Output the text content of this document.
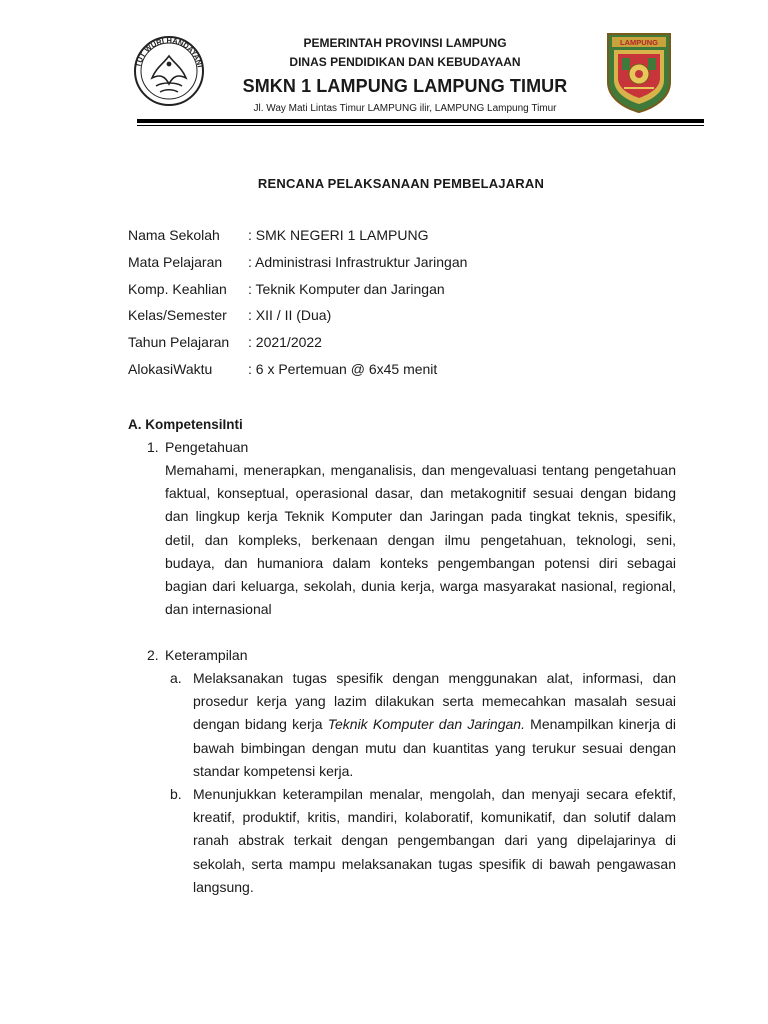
TUT WURI HANDAYANI
PEMERINTAH PROVINSI LAMPUNG
DINAS PENDIDIKAN DAN KEBUDAYAAN
SMKN 1 LAMPUNG LAMPUNG TIMUR
Jl. Way Mati Lintas Timur LAMPUNG ilir, LAMPUNG Lampung Timur
LAMPUNG
RENCANA PELAKSANAAN PEMBELAJARAN
Nama Sekolah : SMK NEGERI 1 LAMPUNG
Mata Pelajaran : Administrasi Infrastruktur Jaringan
Komp. Keahlian : Teknik Komputer dan Jaringan
Kelas/Semester : XII / II (Dua)
Tahun Pelajaran : 2021/2022
AlokasiWaktu	: 6 x Pertemuan @ 6x45 menit
A. KompetensiInti
1. Pengetahuan
Memahami, menerapkan, menganalisis, dan mengevaluasi tentang pengetahuan faktual, konseptual, operasional dasar, dan metakognitif sesuai dengan bidang dan lingkup kerja Teknik Komputer dan Jaringan pada tingkat teknis, spesifik, detil, dan kompleks, berkenaan dengan ilmu pengetahuan, teknologi, seni, budaya, dan humaniora dalam konteks pengembangan potensi diri sebagai bagian dari keluarga, sekolah, dunia kerja, warga masyarakat nasional, regional, dan internasional
2. Keterampilan
a. Melaksanakan tugas spesifik dengan menggunakan alat, informasi, dan prosedur kerja yang lazim dilakukan serta memecahkan masalah sesuai dengan bidang kerja Teknik Komputer dan Jaringan. Menampilkan kinerja di bawah bimbingan dengan mutu dan kuantitas yang terukur sesuai dengan standar kompetensi kerja.
b. Menunjukkan keterampilan menalar, mengolah, dan menyaji secara efektif, kreatif, produktif, kritis, mandiri, kolaboratif, komunikatif, dan solutif dalam ranah abstrak terkait dengan pengembangan dari yang dipelajarinya di sekolah, serta mampu melaksanakan tugas spesifik di bawah pengawasan langsung.
